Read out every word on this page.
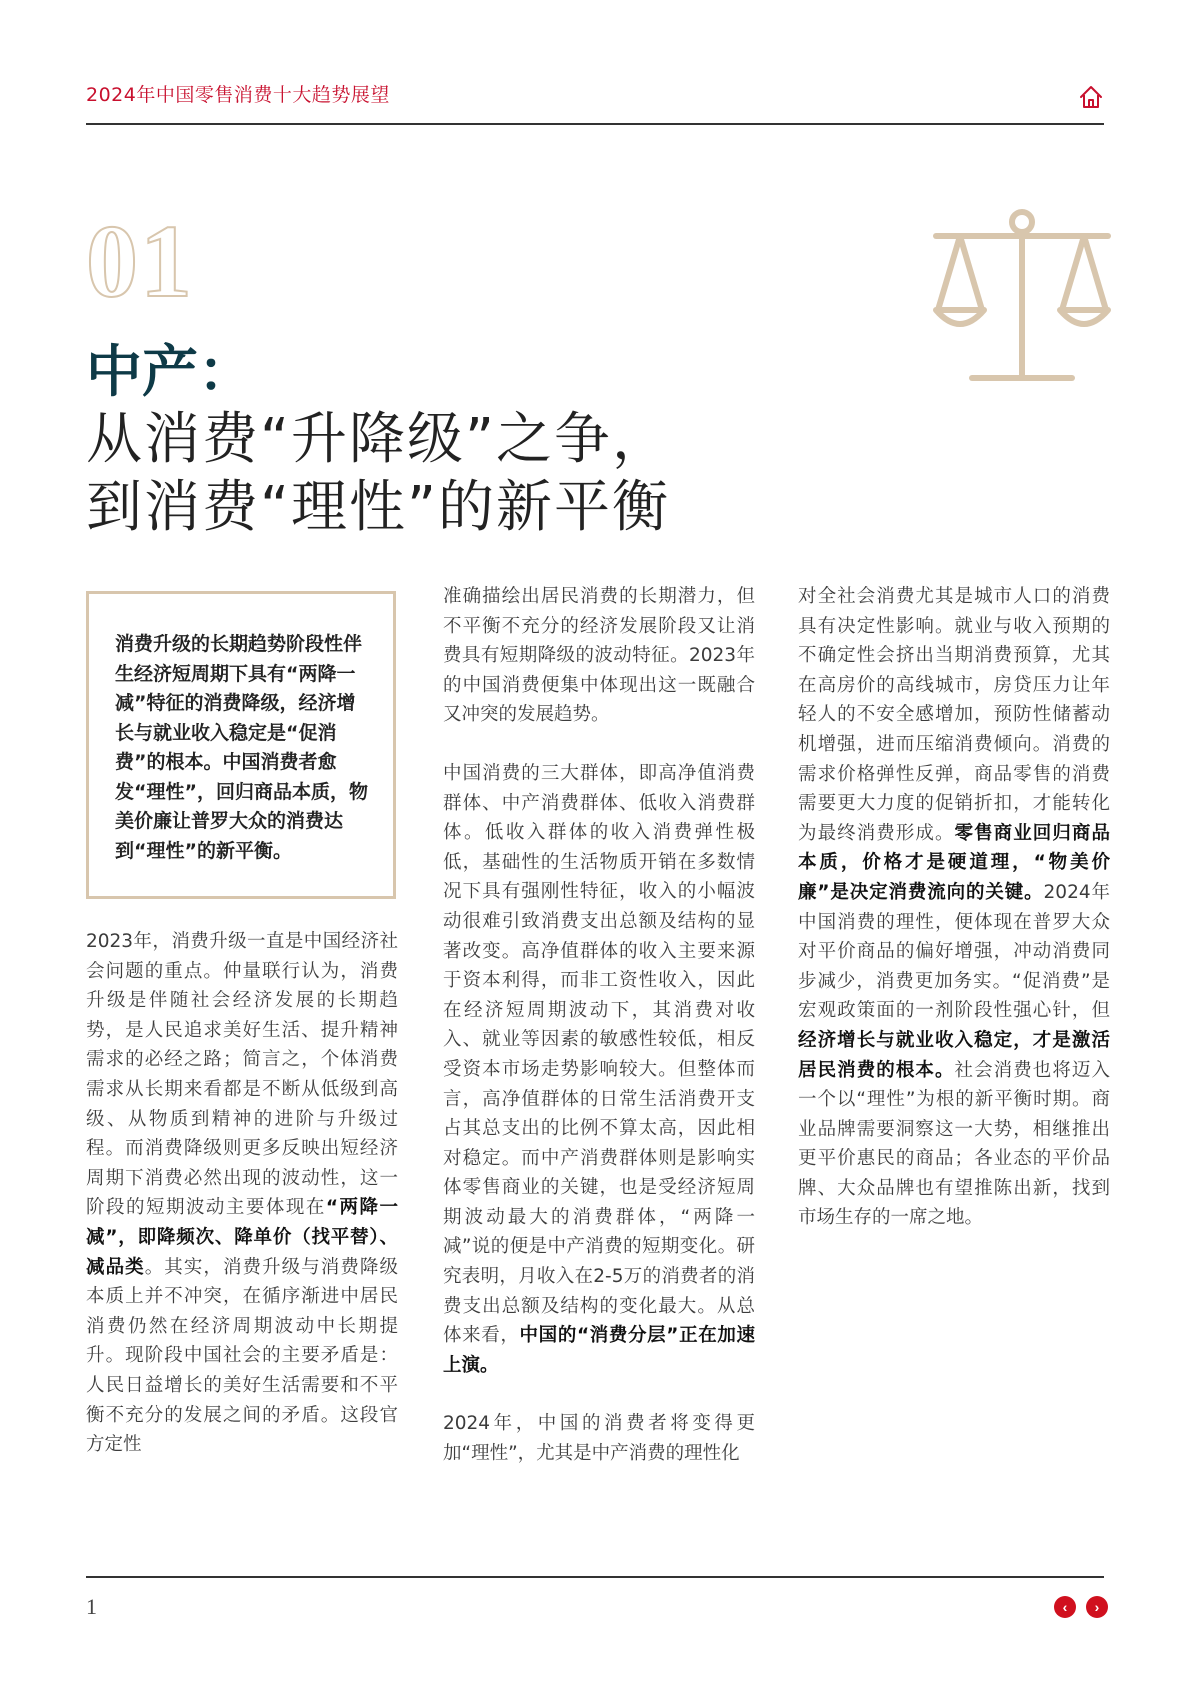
2024年中国零售消费十大趋势展望
01
中产：
从消费“升降级”之争，
到消费“理性”的新平衡
消费升级的长期趋势阶段性伴生经济短周期下具有“两降一减”特征的消费降级，经济增长与就业收入稳定是“促消费”的根本。中国消费者愈发“理性”，回归商品本质，物美价廉让普罗大众的消费达到“理性”的新平衡。

2023年，消费升级一直是中国经济社会问题的重点。仲量联行认为，消费升级是伴随社会经济发展的长期趋势，是人民追求美好生活、提升精神需求的必经之路；简言之，个体消费需求从长期来看都是不断从低级到高级、从物质到精神的进阶与升级过程。而消费降级则更多反映出短经济周期下消费必然出现的波动性，这一阶段的短期波动主要体现在“两降一减”，即降频次、降单价（找平替）、减品类。其实，消费升级与消费降级本质上并不冲突，在循序渐进中居民消费仍然在经济周期波动中长期提升。现阶段中国社会的主要矛盾是：人民日益增长的美好生活需要和不平衡不充分的发展之间的矛盾。这段官方定性

准确描绘出居民消费的长期潜力，但不平衡不充分的经济发展阶段又让消费具有短期降级的波动特征。2023年的中国消费便集中体现出这一既融合又冲突的发展趋势。

中国消费的三大群体，即高净值消费群体、中产消费群体、低收入消费群体。低收入群体的收入消费弹性极低，基础性的生活物质开销在多数情况下具有强刚性特征，收入的小幅波动很难引致消费支出总额及结构的显著改变。高净值群体的收入主要来源于资本利得，而非工资性收入，因此在经济短周期波动下，其消费对收入、就业等因素的敏感性较低，相反受资本市场走势影响较大。但整体而言，高净值群体的日常生活消费开支占其总支出的比例不算太高，因此相对稳定。而中产消费群体则是影响实体零售商业的关键，也是受经济短周期波动最大的消费群体，“两降一减”说的便是中产消费的短期变化。研究表明，月收入在2-5万的消费者的消费支出总额及结构的变化最大。从总体来看，中国的“消费分层”正在加速上演。

2024年，中国的消费者将变得更加“理性”，尤其是中产消费的理性化

对全社会消费尤其是城市人口的消费具有决定性影响。就业与收入预期的不确定性会挤出当期消费预算，尤其在高房价的高线城市，房贷压力让年轻人的不安全感增加，预防性储蓄动机增强，进而压缩消费倾向。消费的需求价格弹性反弹，商品零售的消费需要更大力度的促销折扣，才能转化为最终消费形成。零售商业回归商品本质，价格才是硬道理，“物美价廉”是决定消费流向的关键。2024年中国消费的理性，便体现在普罗大众对平价商品的偏好增强，冲动消费同步减少，消费更加务实。“促消费”是宏观政策面的一剂阶段性强心针，但经济增长与就业收入稳定，才是激活居民消费的根本。社会消费也将迈入一个以“理性”为根的新平衡时期。商业品牌需要洞察这一大势，相继推出更平价惠民的商品；各业态的平价品牌、大众品牌也有望推陈出新，找到市场生存的一席之地。

1	‹ ›
